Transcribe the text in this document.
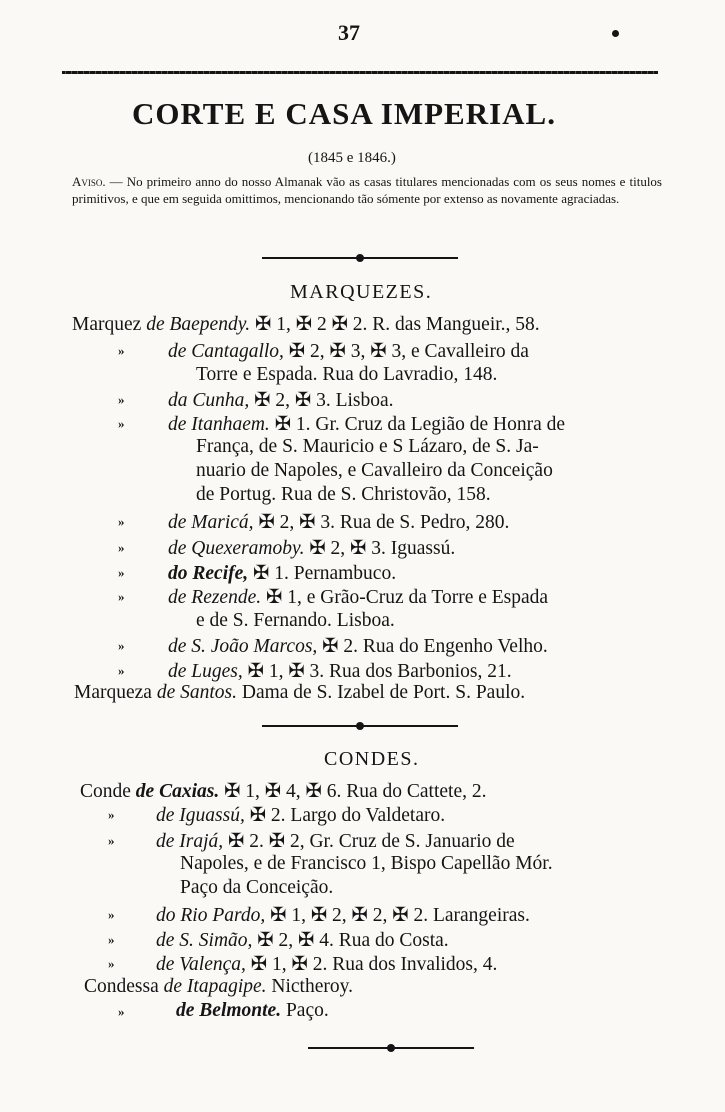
37
CORTE E CASA IMPERIAL.
(1845 e 1846.)
Aviso. — No primeiro anno do nosso Almanak vão as casas titulares mencionadas com os seus nomes e titulos primitivos, e que em seguida omittimos, mencionando tão sómente por extenso as novamente agraciadas.
MARQUEZES.
Marquez de Baependy. ✠ 1, ✠ 2 ✠ 2. R. das Mangueir., 58.
» de Cantagallo, ✠ 2, ✠ 3, ✠ 3, e Cavalleiro da
Torre e Espada. Rua do Lavradio, 148.
» da Cunha, ✠ 2, ✠ 3. Lisboa.
» de Itanhaem. ✠ 1. Gr. Cruz da Legião de Honra de
França, de S. Mauricio e S Lázaro, de S. Ja-
nuario de Napoles, e Cavalleiro da Conceição
de Portug. Rua de S. Christovão, 158.
» de Maricá, ✠ 2, ✠ 3. Rua de S. Pedro, 280.
» de Quexeramoby. ✠ 2, ✠ 3. Iguassú.
» do Recife, ✠ 1. Pernambuco.
» de Rezende. ✠ 1, e Grão-Cruz da Torre e Espada
e de S. Fernando. Lisboa.
» de S. João Marcos, ✠ 2. Rua do Engenho Velho.
» de Luges, ✠ 1, ✠ 3. Rua dos Barbonios, 21.
Marqueza de Santos. Dama de S. Izabel de Port. S. Paulo.
CONDES.
Conde de Caxias. ✠ 1, ✠ 4, ✠ 6. Rua do Cattete, 2.
» de Iguassú, ✠ 2. Largo do Valdetaro.
» de Irajá, ✠ 2. ✠ 2, Gr. Cruz de S. Januario de
Napoles, e de Francisco 1, Bispo Capellão Mór.
Paço da Conceição.
» do Rio Pardo, ✠ 1, ✠ 2, ✠ 2, ✠ 2. Larangeiras.
» de S. Simão, ✠ 2, ✠ 4. Rua do Costa.
» de Valença, ✠ 1, ✠ 2. Rua dos Invalidos, 4.
Condessa de Itapagipe. Nictheroy.
»	de Belmonte. Paço.
